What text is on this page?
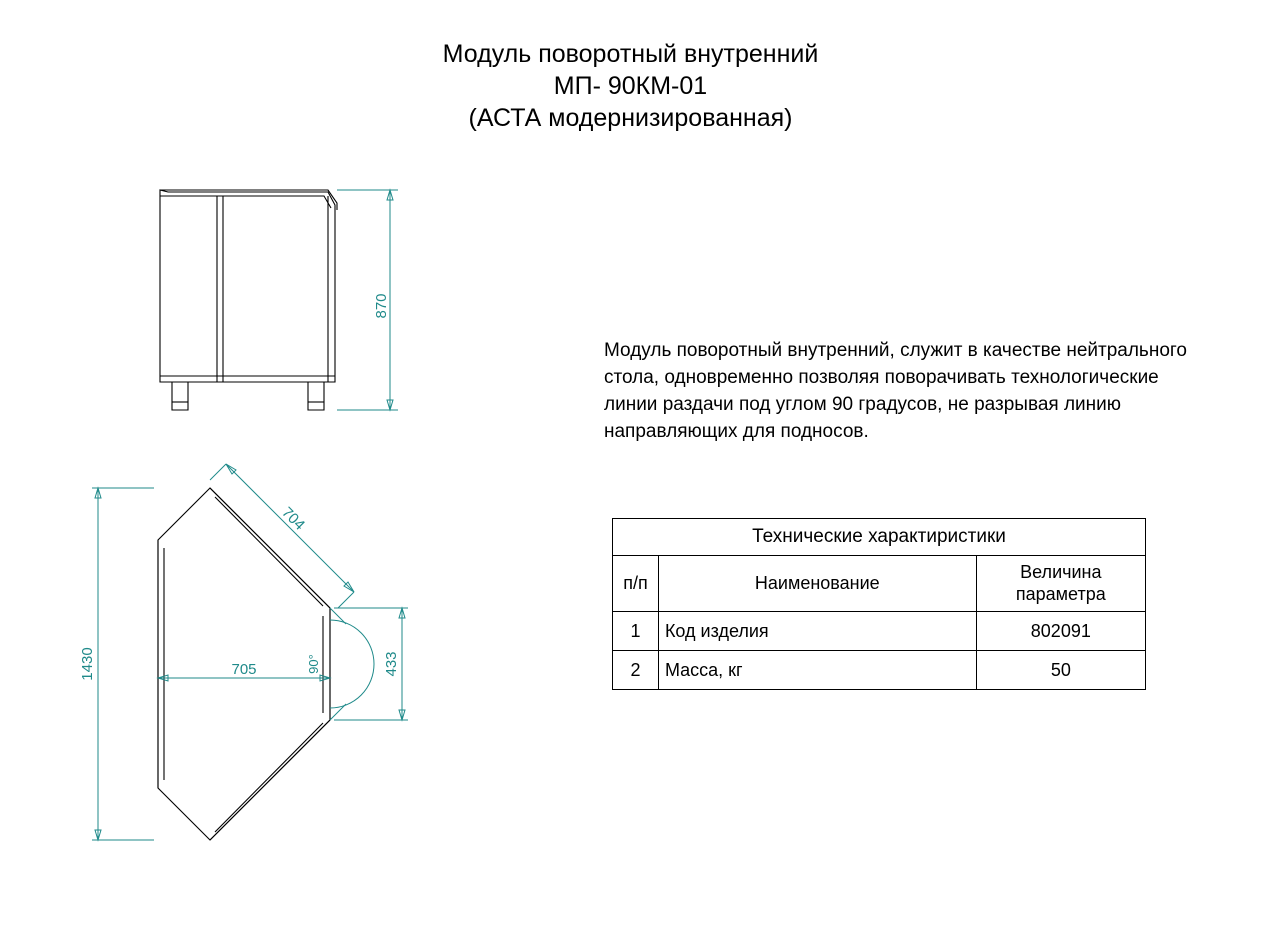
Модуль поворотный внутренний
МП- 90КМ-01
(АСТА модернизированная)
870
1430	705
704
433
90°
Модуль поворотный внутренний, служит в качестве нейтрального стола, одновременно позволяя поворачивать технологические линии раздачи под углом 90 градусов, не разрывая линию направляющих для подносов.
Технические характиристики		
п/п	Наименование	Величина
параметра

1	Код изделия	802091
2	Масса, кг	50
